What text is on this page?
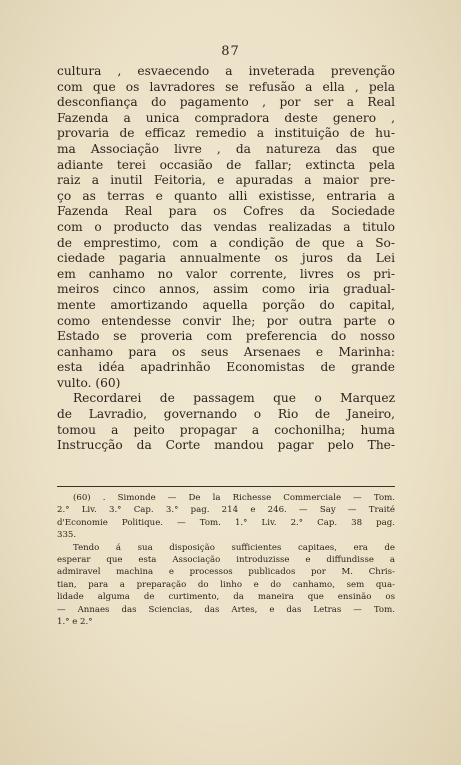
87
cultura , esvaecendo a inveterada prevenção
com que os lavradores se refusão a ella , pela
desconfiança do pagamento , por ser a Real
Fazenda a unica compradora deste genero ,
provaria de efficaz remedio a instituição de hu-
ma Associação livre , da natureza das que
adiante terei occasião de fallar; extincta pela
raiz a inutil Feitoria, e apuradas a maior pre-
ço as terras e quanto alli existisse, entraria a
Fazenda Real para os Cofres da Sociedade
com o producto das vendas realizadas a titulo
de emprestimo, com a condição de que a So-
ciedade pagaria annualmente os juros da Lei
em canhamo no valor corrente, livres os pri-
meiros cinco annos, assim como iria gradual-
mente amortizando aquella porção do capital,
como entendesse convir lhe; por outra parte o
Estado se proveria com preferencia do nosso
canhamo para os seus Arsenaes e Marinha:
esta idéa apadrinhão Economistas de grande
vulto. (60)
Recordarei de passagem que o Marquez
de Lavradio, governando o Rio de Janeiro,
tomou a peito propagar a cochonilha; huma
Instrucção da Corte mandou pagar pelo The-
(60) . Simonde — De la Richesse Commerciale — Tom.
2.° Liv. 3.° Cap. 3.° pag. 214 e 246. — Say — Traité
d'Economie Politique. — Tom. 1.° Liv. 2.° Cap. 38 pag.
335.
Tendo á sua disposição sufficientes capitaes, era de
esperar que esta Associação introduzisse e diffundisse a
admiravel machina e processos publicados por M. Chris-
tian, para a preparação do linho e do canhamo, sem qua-
lidade alguma de curtimento, da maneira que ensinão os
— Annaes das Sciencias, das Artes, e das Letras — Tom.
1.° e 2.°
